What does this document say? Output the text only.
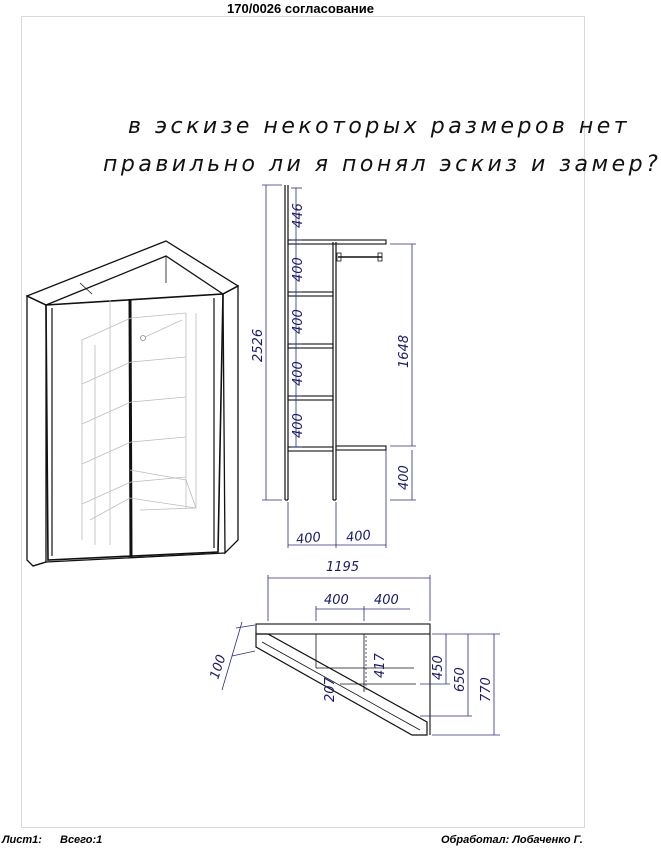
170/0026 согласование
в эскизе некоторых размеров нет
правильно ли я понял эскиз и замер?
446
400
400
400
400
2526	1648
400
400 400
1195
400 400
100
207
417	450 650 770
Лист1: Всего:1	Обработал: Лобаченко Г.
